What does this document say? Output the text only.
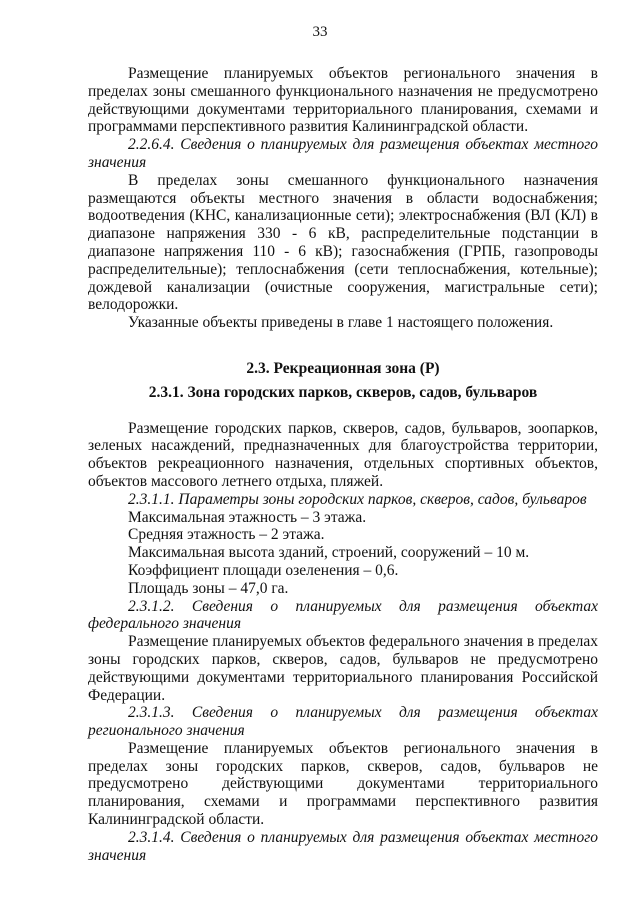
33

Размещение планируемых объектов регионального значения в пределах зоны смешанного функционального назначения не предусмотрено действующими документами территориального планирования, схемами и программами перспективного развития Калининградской области.

2.2.6.4. Сведения о планируемых для размещения объектах местного значения

В пределах зоны смешанного функционального назначения размещаются объекты местного значения в области водоснабжения; водоотведения (КНС, канализационные сети); электроснабжения (ВЛ (КЛ) в диапазоне напряжения 330 - 6 кВ, распределительные подстанции в диапазоне напряжения 110 - 6 кВ); газоснабжения (ГРПБ, газопроводы распределительные); теплоснабжения (сети теплоснабжения, котельные); дождевой канализации (очистные сооружения, магистральные сети); велодорожки.

Указанные объекты приведены в главе 1 настоящего положения.

2.3. Рекреационная зона (Р)

2.3.1. Зона городских парков, скверов, садов, бульваров

Размещение городских парков, скверов, садов, бульваров, зоопарков, зеленых насаждений, предназначенных для благоустройства территории, объектов рекреационного назначения, отдельных спортивных объектов, объектов массового летнего отдыха, пляжей.

2.3.1.1. Параметры зоны городских парков, скверов, садов, бульваров

Максимальная этажность – 3 этажа.

Средняя этажность – 2 этажа.

Максимальная высота зданий, строений, сооружений – 10 м.

Коэффициент площади озеленения – 0,6.

Площадь зоны – 47,0 га.

2.3.1.2. Сведения о планируемых для размещения объектах федерального значения

Размещение планируемых объектов федерального значения в пределах зоны городских парков, скверов, садов, бульваров не предусмотрено действующими документами территориального планирования Российской Федерации.

2.3.1.3. Сведения о планируемых для размещения объектах регионального значения

Размещение планируемых объектов регионального значения в пределах зоны городских парков, скверов, садов, бульваров не предусмотрено действующими документами территориального планирования, схемами и программами перспективного развития Калининградской области.

2.3.1.4. Сведения о планируемых для размещения объектах местного значения
